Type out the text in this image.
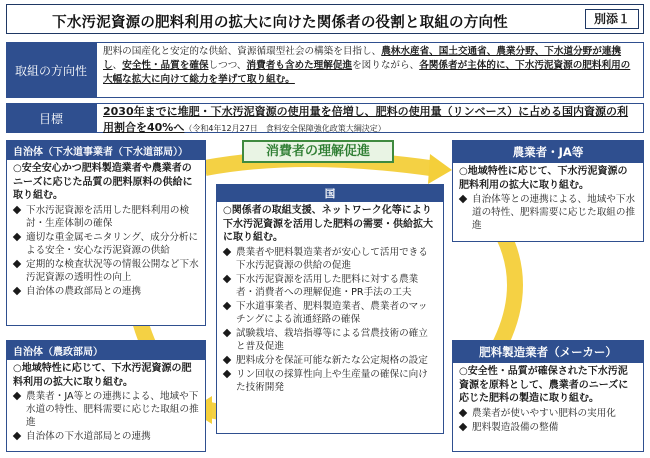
下水汚泥資源の肥料利用の拡大に向けた関係者の役割と取組の方向性	別添１
取組の方向性
肥料の国産化と安定的な供給、資源循環型社会の構築を目指し、農林水産省、国土交通省、農業分野、下水道分野が連携し、安全性・品質を確保しつつ、消費者も含めた理解促進を図りながら、各関係者が主体的に、下水汚泥資源の肥料利用の大幅な拡大に向けて総力を挙げて取り組む。
目標	2030年までに堆肥・下水汚泥資源の使用量を倍増し、肥料の使用量（リンベース）に占める国内資源の利用割合を40%へ（令和4年12月27日　食料安全保障強化政策大綱決定）
消費者の理解促進
自治体（下水道事業者（下水道部局））
○安全安心かつ肥料製造業者や農業者のニーズに応じた品質の肥料原料の供給に取り組む。
下水汚泥資源を活用した肥料利用の検討・生産体制の確保
適切な重金属モニタリング、成分分析による安全・安心な汚泥資源の供給
定期的な検査状況等の情報公開など下水汚泥資源の透明性の向上
自治体の農政部局との連携
自治体（農政部局）
○地域特性に応じて、下水汚泥資源の肥料利用の拡大に取り組む。
農業者・JA等との連携による、地域や下水道の特性、肥料需要に応じた取組の推進
自治体の下水道部局との連携
国
○関係者の取組支援、ネットワーク化等により下水汚泥資源を活用した肥料の需要・供給拡大に取り組む。
農業者や肥料製造業者が安心して活用できる下水汚泥資源の供給の促進
下水汚泥資源を活用した肥料に対する農業者・消費者への理解促進・PR手法の工夫
下水道事業者、肥料製造業者、農業者のマッチングによる流通経路の確保
試験栽培、栽培指導等による営農技術の確立と普及促進
肥料成分を保証可能な新たな公定規格の設定
リン回収の採算性向上や生産量の確保に向けた技術開発
農業者・JA等
○地域特性に応じて、下水汚泥資源の肥料利用の拡大に取り組む。
自治体等との連携による、地域や下水道の特性、肥料需要に応じた取組の推進
肥料製造業者（メーカー）
○安全性・品質が確保された下水汚泥資源を原料として、農業者のニーズに応じた肥料の製造に取り組む。
農業者が使いやすい肥料の実用化
肥料製造設備の整備
